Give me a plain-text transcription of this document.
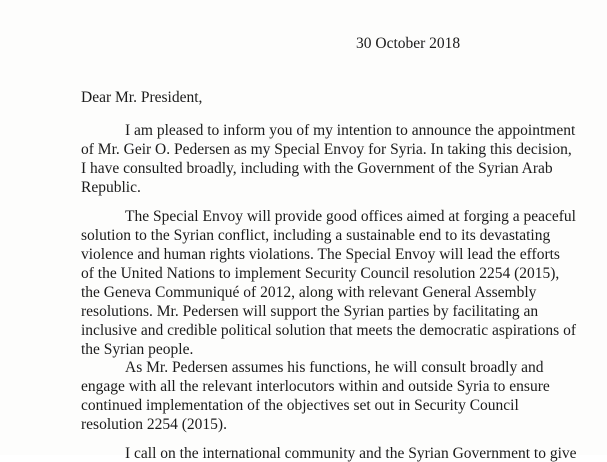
30 October 2018
Dear Mr. President,
I am pleased to inform you of my intention to announce the appointment
of Mr. Geir O. Pedersen as my Special Envoy for Syria. In taking this decision,
I have consulted broadly, including with the Government of the Syrian Arab
Republic.
The Special Envoy will provide good offices aimed at forging a peaceful
solution to the Syrian conflict, including a sustainable end to its devastating
violence and human rights violations. The Special Envoy will lead the efforts
of the United Nations to implement Security Council resolution 2254 (2015),
the Geneva Communiqué of 2012, along with relevant General Assembly
resolutions. Mr. Pedersen will support the Syrian parties by facilitating an
inclusive and credible political solution that meets the democratic aspirations of
the Syrian people.
As Mr. Pedersen assumes his functions, he will consult broadly and
engage with all the relevant interlocutors within and outside Syria to ensure
continued implementation of the objectives set out in Security Council
resolution 2254 (2015).
I call on the international community and the Syrian Government to give
